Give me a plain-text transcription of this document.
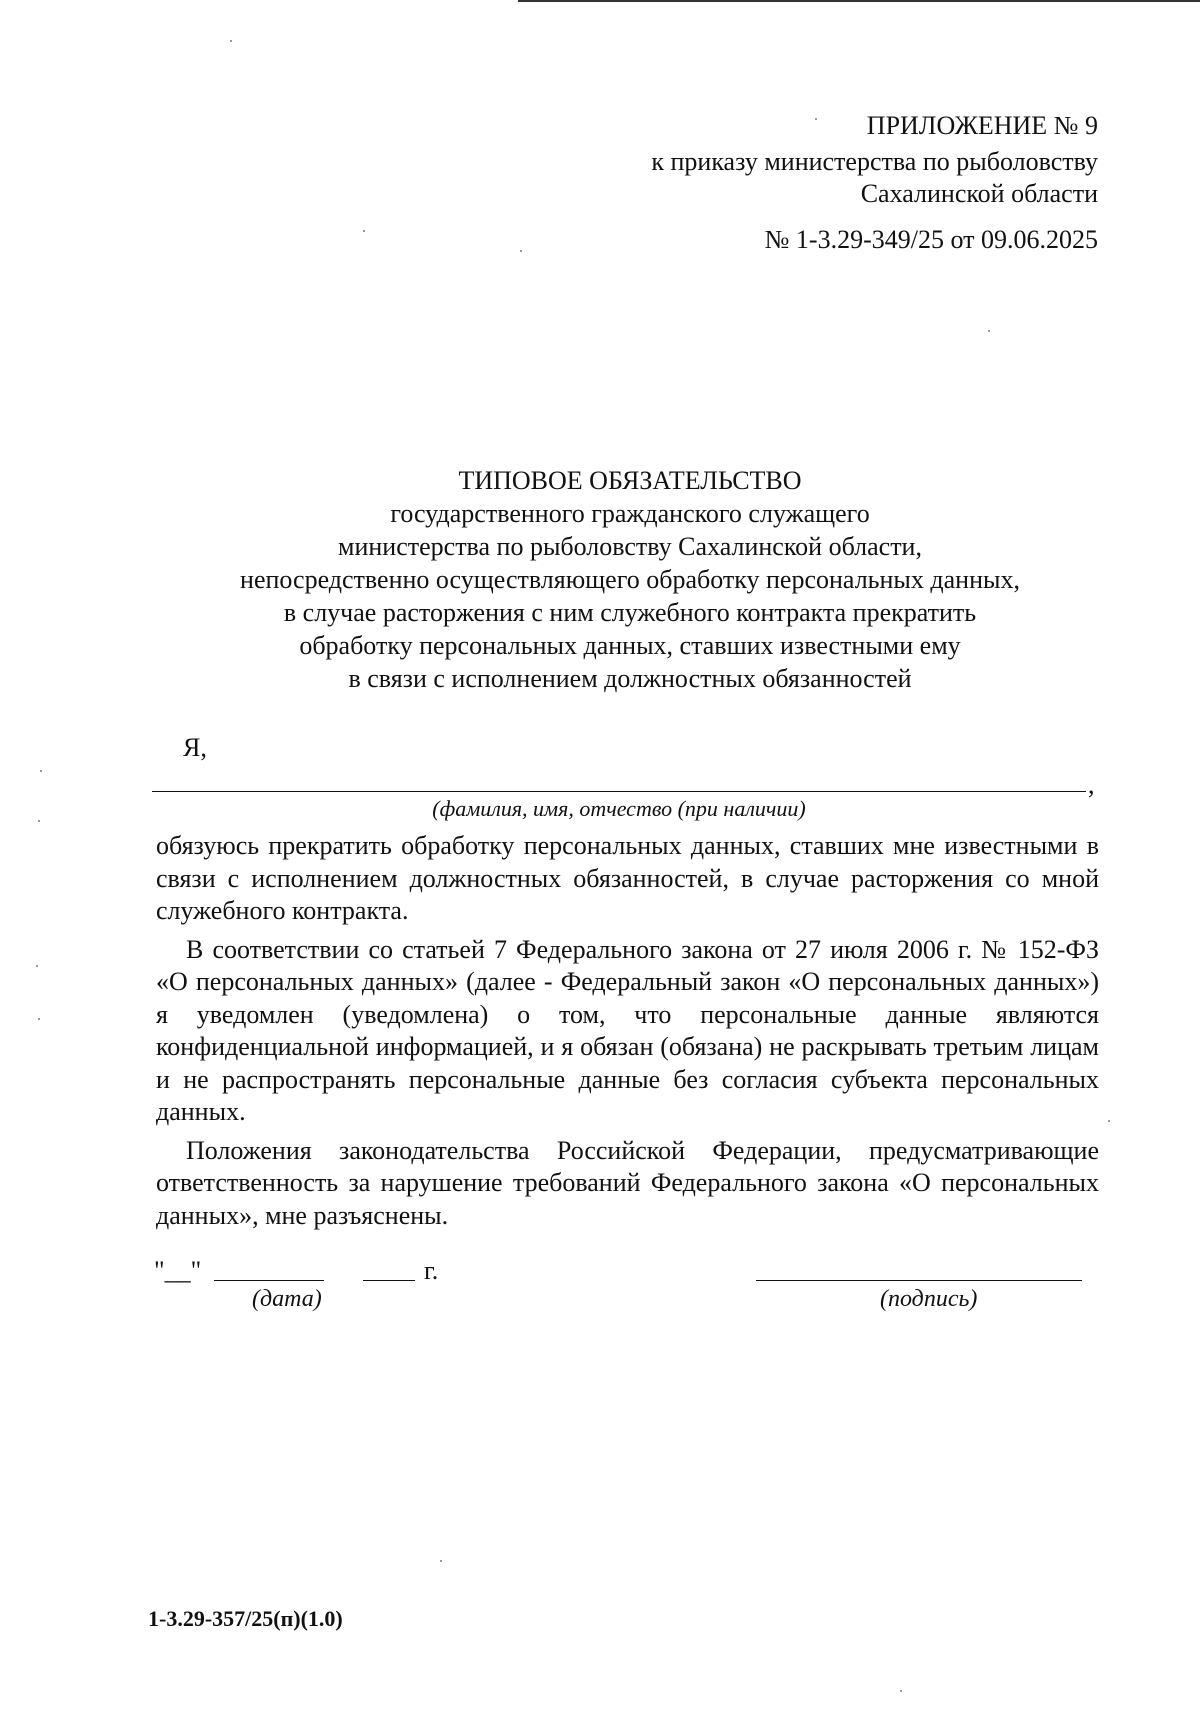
ПРИЛОЖЕНИЕ № 9
к приказу министерства по рыболовству
Сахалинской области
№ 1-3.29-349/25 от 09.06.2025
ТИПОВОЕ ОБЯЗАТЕЛЬСТВО
государственного гражданского служащего
министерства по рыболовству Сахалинской области,
непосредственно осуществляющего обработку персональных данных,
в случае расторжения с ним служебного контракта прекратить
обработку персональных данных, ставших известными ему
в связи с исполнением должностных обязанностей
Я,
,
(фамилия, имя, отчество (при наличии)

обязуюсь прекратить обработку персональных данных, ставших мне известными в связи с исполнением должностных обязанностей, в случае расторжения со мной служебного контракта.

В соответствии со статьей 7 Федерального закона от 27 июля 2006 г. № 152-ФЗ «О персональных данных» (далее - Федеральный закон «О персональных данных») я уведомлен (уведомлена) о том, что персональные данные являются конфиденциальной информацией, и я обязан (обязана) не раскрывать третьим лицам и не распространять персональные данные без согласия субъекта персональных данных.

Положения законодательства Российской Федерации, предусматривающие ответственность за нарушение требований Федерального закона «О персональных данных», мне разъяснены.

"__"	г.
(дата)	(подпись)
1-3.29-357/25(п)(1.0)
